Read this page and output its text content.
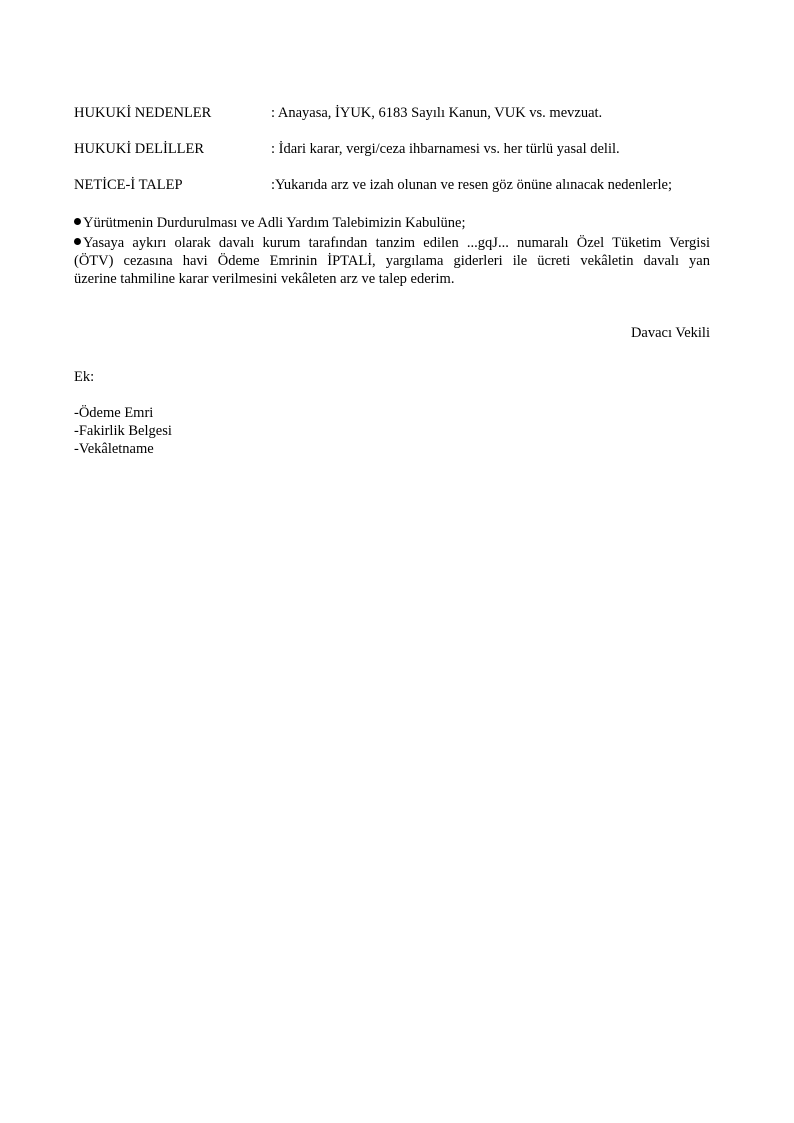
HUKUKİ NEDENLER	: Anayasa, İYUK, 6183 Sayılı Kanun, VUK vs. mevzuat.
HUKUKİ DELİLLER	: İdari karar, vergi/ceza ihbarnamesi vs. her türlü yasal delil.
NETİCE-İ TALEP	:Yukarıda arz ve izah olunan ve resen göz önüne alınacak nedenlerle;
Yürütmenin Durdurulması ve Adli Yardım Talebimizin Kabulüne;
Yasaya aykırı olarak davalı kurum tarafından tanzim edilen ...gqJ... numaralı Özel Tüketim Vergisi
(ÖTV) cezasına havi Ödeme Emrinin İPTALİ, yargılama giderleri ile ücreti vekâletin davalı yan
üzerine tahmiline karar verilmesini vekâleten arz ve talep ederim.
Davacı Vekili
Ek:
-Ödeme Emri
-Fakirlik Belgesi
-Vekâletname
